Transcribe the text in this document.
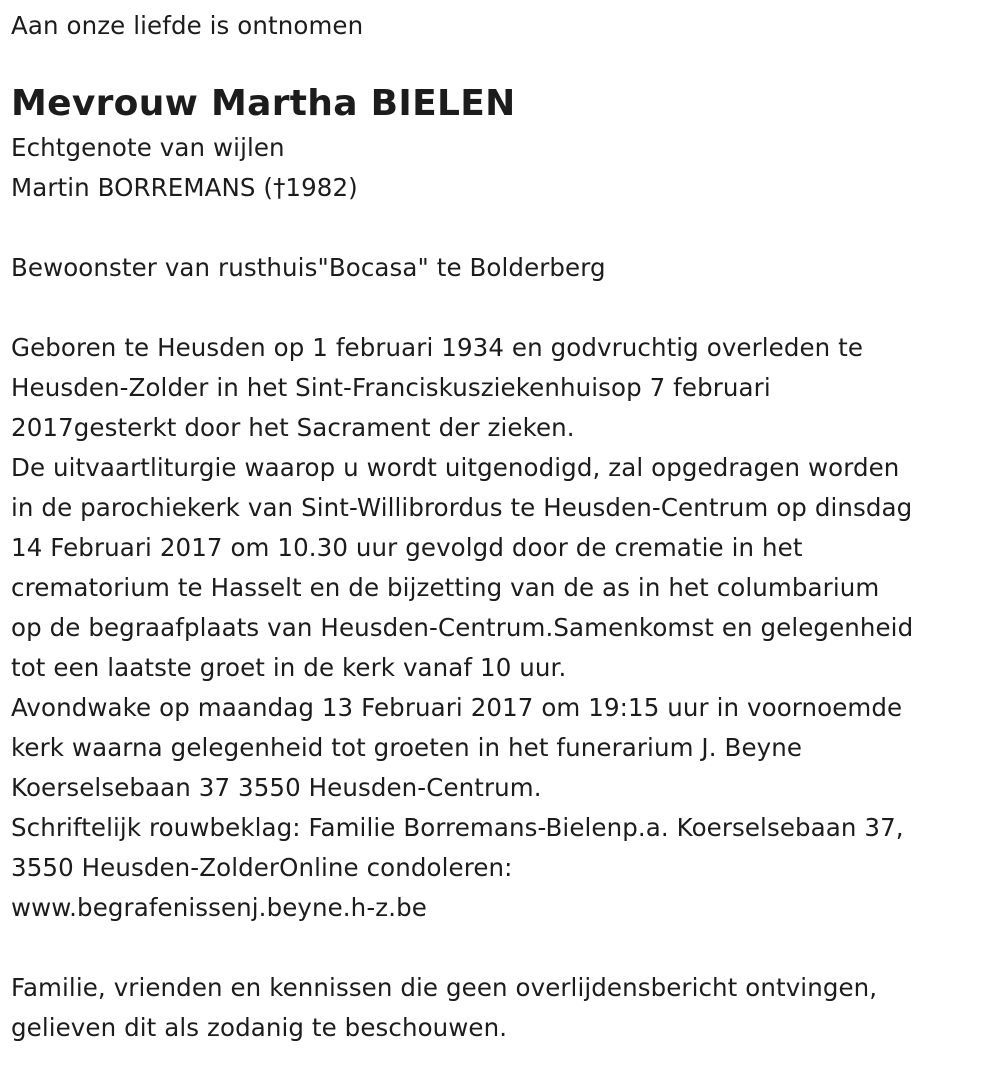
Aan onze liefde is ontnomen
Mevrouw Martha BIELEN
Echtgenote van wijlen
Martin BORREMANS (†1982)
Bewoonster van rusthuis"Bocasa" te Bolderberg
Geboren te Heusden op 1 februari 1934 en godvruchtig overleden te
Heusden-Zolder in het Sint-Franciskusziekenhuisop 7 februari
2017gesterkt door het Sacrament der zieken.
De uitvaartliturgie waarop u wordt uitgenodigd, zal opgedragen worden
in de parochiekerk van Sint-Willibrordus te Heusden-Centrum op dinsdag
14 Februari 2017 om 10.30 uur gevolgd door de crematie in het
crematorium te Hasselt en de bijzetting van de as in het columbarium
op de begraafplaats van Heusden-Centrum.Samenkomst en gelegenheid
tot een laatste groet in de kerk vanaf 10 uur.
Avondwake op maandag 13 Februari 2017 om 19:15 uur in voornoemde
kerk waarna gelegenheid tot groeten in het funerarium J. Beyne
Koerselsebaan 37 3550 Heusden-Centrum.
Schriftelijk rouwbeklag: Familie Borremans-Bielenp.a. Koerselsebaan 37,
3550 Heusden-ZolderOnline condoleren:
www.begrafenissenj.beyne.h-z.be
Familie, vrienden en kennissen die geen overlijdensbericht ontvingen,
gelieven dit als zodanig te beschouwen.
